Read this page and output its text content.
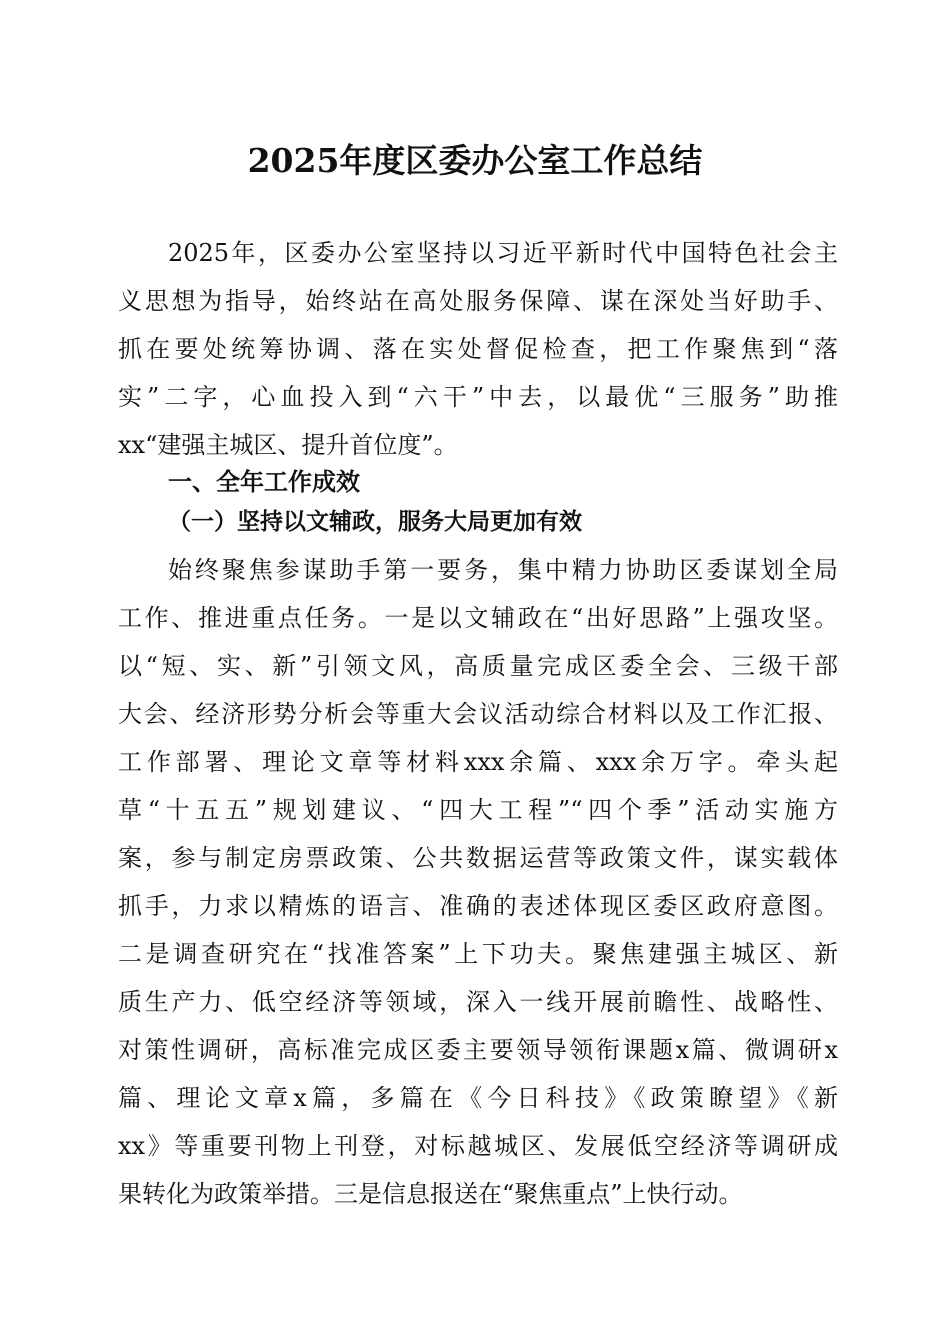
2025年度区委办公室工作总结
2025年，区委办公室坚持以习近平新时代中国特色社会主
义思想为指导，始终站在高处服务保障、谋在深处当好助手、
抓在要处统筹协调、落在实处督促检查，把工作聚焦到“落
实”二字，心血投入到“六干”中去，以最优“三服务”助推
xx“建强主城区、提升首位度”。
一、全年工作成效
（一）坚持以文辅政，服务大局更加有效
始终聚焦参谋助手第一要务，集中精力协助区委谋划全局
工作、推进重点任务。一是以文辅政在“出好思路”上强攻坚。
以“短、实、新”引领文风，高质量完成区委全会、三级干部
大会、经济形势分析会等重大会议活动综合材料以及工作汇报、
工作部署、理论文章等材料xxx余篇、xxx余万字。牵头起
草“十五五”规划建议、“四大工程”“四个季”活动实施方
案，参与制定房票政策、公共数据运营等政策文件，谋实载体
抓手，力求以精炼的语言、准确的表述体现区委区政府意图。
二是调查研究在“找准答案”上下功夫。聚焦建强主城区、新
质生产力、低空经济等领域，深入一线开展前瞻性、战略性、
对策性调研，高标准完成区委主要领导领衔课题x篇、微调研x
篇、理论文章x篇，多篇在《今日科技》《政策瞭望》《新
xx》等重要刊物上刊登，对标越城区、发展低空经济等调研成
果转化为政策举措。三是信息报送在“聚焦重点”上快行动。
